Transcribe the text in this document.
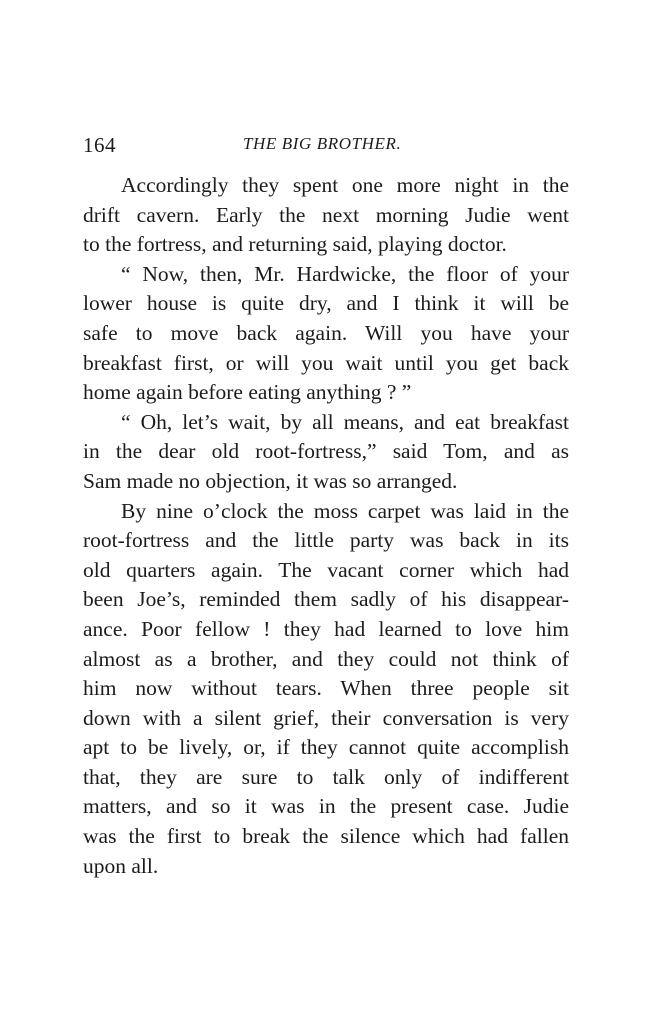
164	THE BIG BROTHER.
Accordingly they spent one more night in the
drift cavern. Early the next morning Judie went
to the fortress, and returning said, playing doctor.
“ Now, then, Mr. Hardwicke, the floor of your
lower house is quite dry, and I think it will be
safe to move back again. Will you have your
breakfast first, or will you wait until you get back
home again before eating anything ? ”
“ Oh, let’s wait, by all means, and eat breakfast
in the dear old root-fortress,” said Tom, and as
Sam made no objection, it was so arranged.
By nine o’clock the moss carpet was laid in the
root-fortress and the little party was back in its
old quarters again. The vacant corner which had
been Joe’s, reminded them sadly of his disappear-
ance. Poor fellow ! they had learned to love him
almost as a brother, and they could not think of
him now without tears. When three people sit
down with a silent grief, their conversation is very
apt to be lively, or, if they cannot quite accomplish
that, they are sure to talk only of indifferent
matters, and so it was in the present case. Judie
was the first to break the silence which had fallen
upon all.
